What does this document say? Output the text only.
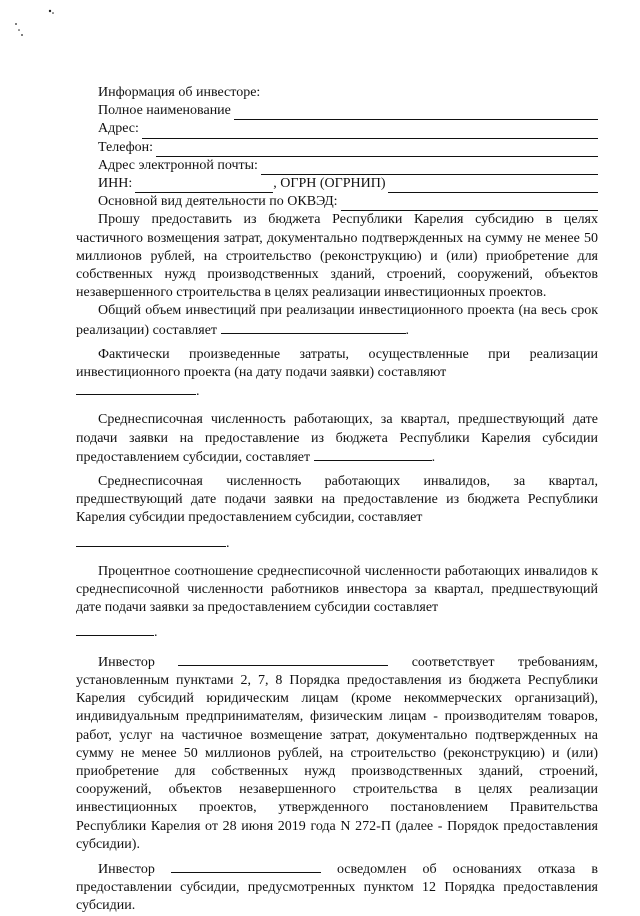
Информация об инвесторе:
Полное наименование
Адрес:
Телефон:
Адрес электронной почты:
ИНН:	, ОГРН (ОГРНИП)
Основной вид деятельности по ОКВЭД:

Прошу предоставить из бюджета Республики Карелия субсидию в целях частичного возмещения затрат, документально подтвержденных на сумму не менее 50 миллионов рублей, на строительство (реконструкцию) и (или) приобретение для собственных нужд производственных зданий, строений, сооружений, объектов незавершенного строительства в целях реализации инвестиционных проектов.

Общий объем инвестиций при реализации инвестиционного проекта (на весь срок реализации) составляет	.

Фактически произведенные затраты, осуществленные при реализации инвестиционного проекта (на дату подачи заявки) составляют

.

Среднесписочная численность работающих, за квартал, предшествующий дате подачи заявки на предоставление из бюджета Республики Карелия субсидии предоставлением субсидии, составляет	.

Среднесписочная численность работающих инвалидов, за квартал, предшествующий дате подачи заявки на предоставление из бюджета Республики Карелия субсидии предоставлением субсидии, составляет

.

Процентное соотношение среднесписочной численности работающих инвалидов к среднесписочной численности работников инвестора за квартал, предшествующий дате подачи заявки за предоставлением субсидии составляет

.

Инвестор	соответствует требованиям, установленным пунктами 2, 7, 8 Порядка предоставления из бюджета Республики Карелия субсидий юридическим лицам (кроме некоммерческих организаций), индивидуальным предпринимателям, физическим лицам - производителям товаров, работ, услуг на частичное возмещение затрат, документально подтвержденных на сумму не менее 50 миллионов рублей, на строительство (реконструкцию) и (или) приобретение для собственных нужд производственных зданий, строений, сооружений, объектов незавершенного строительства в целях реализации инвестиционных проектов, утвержденного постановлением Правительства Республики Карелия от 28 июня 2019 года N 272-П (далее - Порядок предоставления субсидии).

Инвестор	осведомлен об основаниях отказа в предоставлении субсидии, предусмотренных пунктом 12 Порядка предоставления субсидии.
